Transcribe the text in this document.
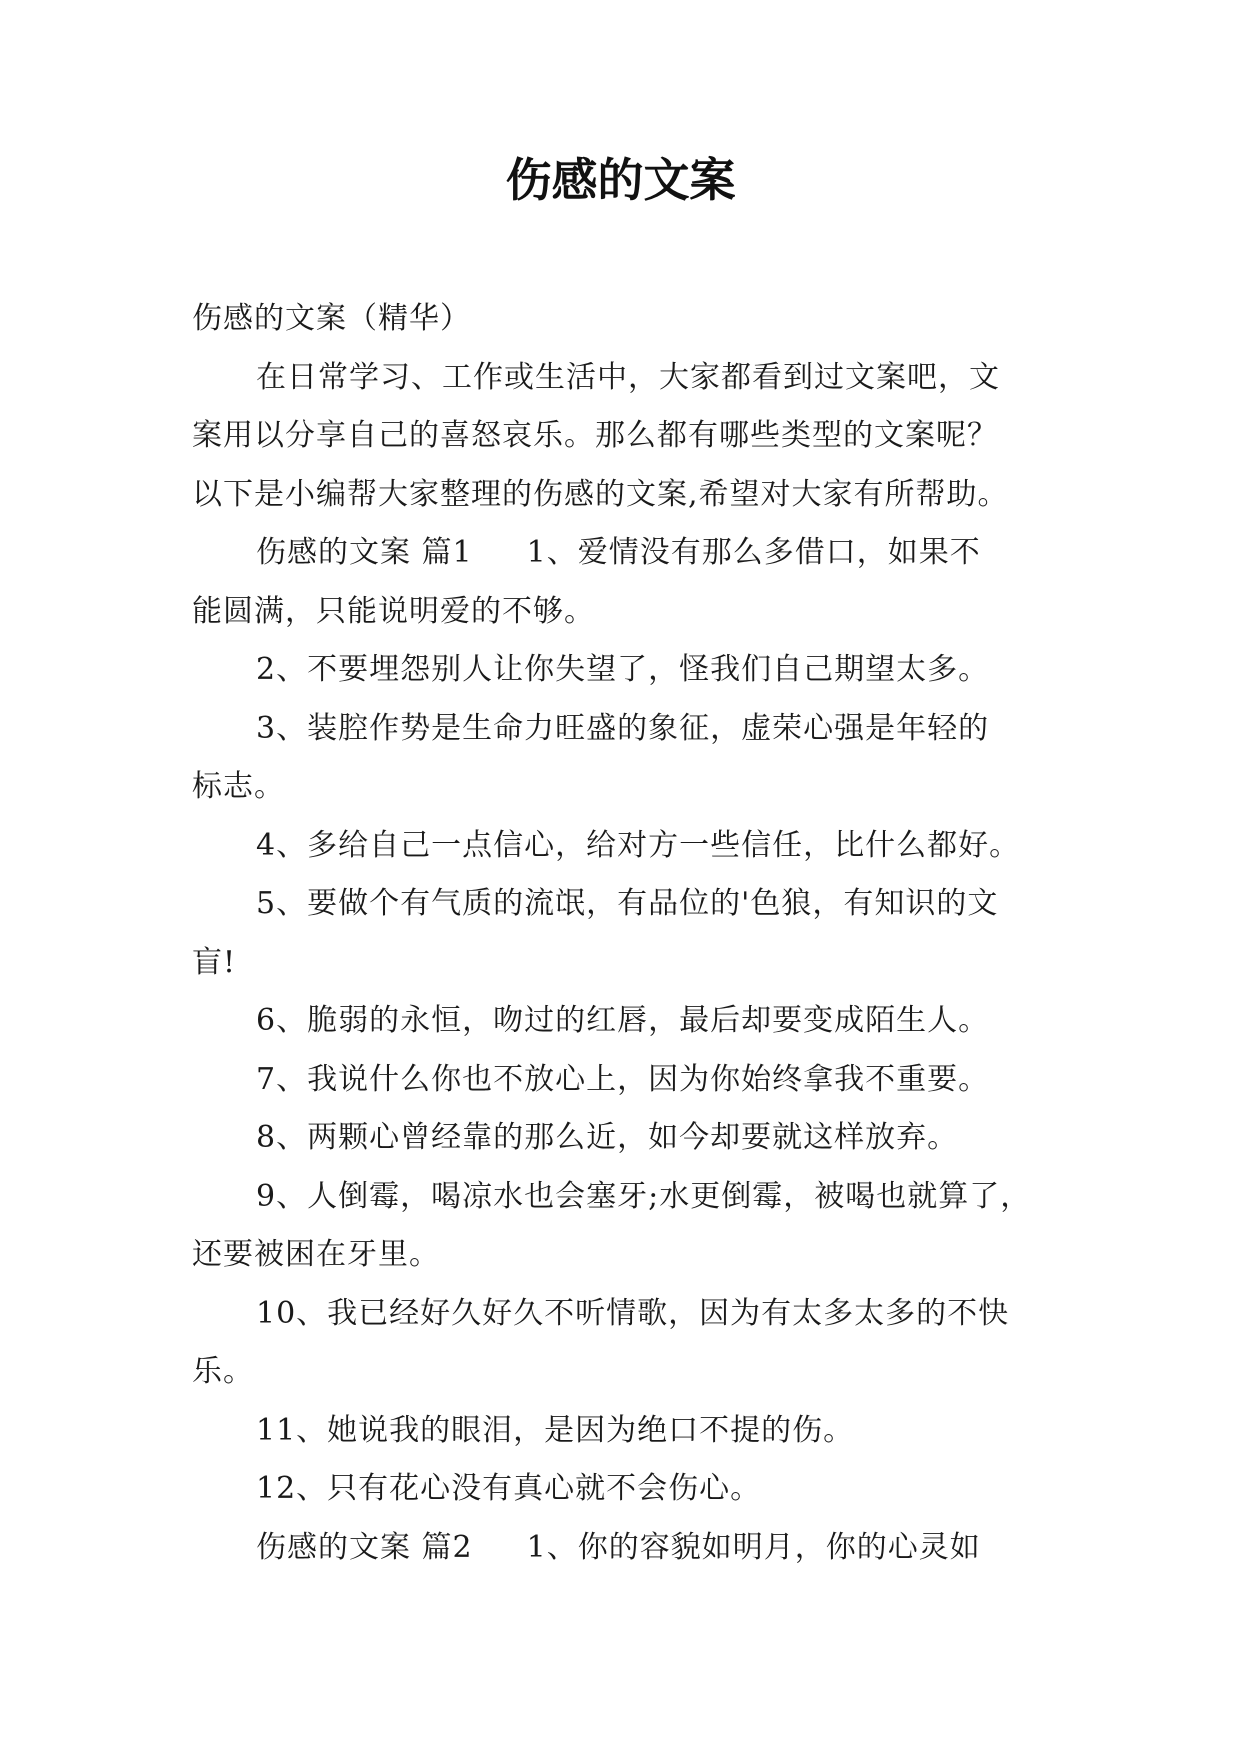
伤感的文案
伤感的文案（精华）
在日常学习、工作或生活中，大家都看到过文案吧，文
案用以分享自己的喜怒哀乐。那么都有哪些类型的文案呢？
以下是小编帮大家整理的伤感的文案,希望对大家有所帮助。
伤感的文案 篇1 1、爱情没有那么多借口，如果不
能圆满，只能说明爱的不够。
2、不要埋怨别人让你失望了，怪我们自己期望太多。
3、装腔作势是生命力旺盛的象征，虚荣心强是年轻的
标志。
4、多给自己一点信心，给对方一些信任，比什么都好。
5、要做个有气质的流氓，有品位的'色狼，有知识的文
盲!
6、脆弱的永恒，吻过的红唇，最后却要变成陌生人。
7、我说什么你也不放心上，因为你始终拿我不重要。
8、两颗心曾经靠的那么近，如今却要就这样放弃。
9、人倒霉，喝凉水也会塞牙;水更倒霉，被喝也就算了，
还要被困在牙里。
10、我已经好久好久不听情歌，因为有太多太多的不快
乐。
11、她说我的眼泪，是因为绝口不提的伤。
12、只有花心没有真心就不会伤心。
伤感的文案 篇2 1、你的容貌如明月，你的心灵如
